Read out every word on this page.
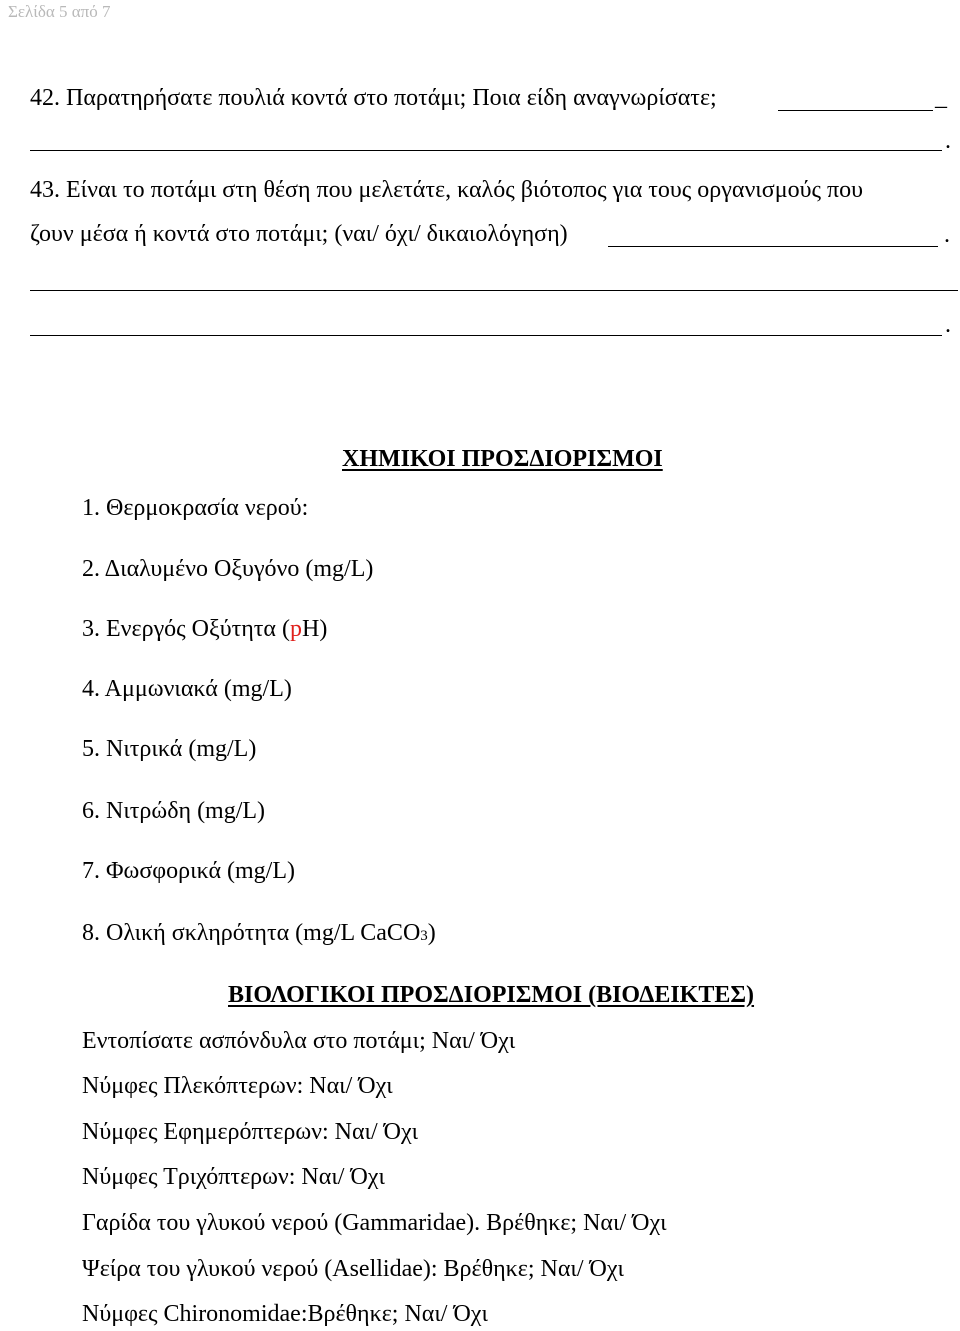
Σελίδα 5 από 7
42. Παρατηρήσατε πουλιά κοντά στο ποτάμι; Ποια είδη αναγνωρίσατε;	_
.
43. Είναι το ποτάμι στη θέση που μελετάτε, καλός βιότοπος για τους οργανισμούς που
ζουν μέσα ή κοντά στο ποτάμι; (ναι/ όχι/ δικαιολόγηση)	.
.
ΧΗΜΙΚΟΙ ΠΡΟΣΔΙΟΡΙΣΜΟΙ
1. Θερμοκρασία νερού:
2. Διαλυμένο Οξυγόνο (mg/L)
3. Ενεργός Οξύτητα (pH)
4. Αμμωνιακά (mg/L)
5. Νιτρικά (mg/L)
6. Νιτρώδη (mg/L)
7. Φωσφορικά (mg/L)
8. Ολική σκληρότητα (mg/L CaCO3)
ΒΙΟΛΟΓΙΚΟΙ ΠΡΟΣΔΙΟΡΙΣΜΟΙ (ΒΙΟΔΕΙΚΤΕΣ)
Εντοπίσατε ασπόνδυλα στο ποτάμι; Ναι/ Όχι
Νύμφες Πλεκόπτερων: Ναι/ Όχι
Νύμφες Εφημερόπτερων: Ναι/ Όχι
Νύμφες Τριχόπτερων: Ναι/ Όχι
Γαρίδα του γλυκού νερού (Gammaridae). Βρέθηκε; Ναι/ Όχι
Ψείρα του γλυκού νερού (Asellidae): Βρέθηκε; Ναι/ Όχι
Νύμφες Chironomidae:Βρέθηκε; Ναι/ Όχι
